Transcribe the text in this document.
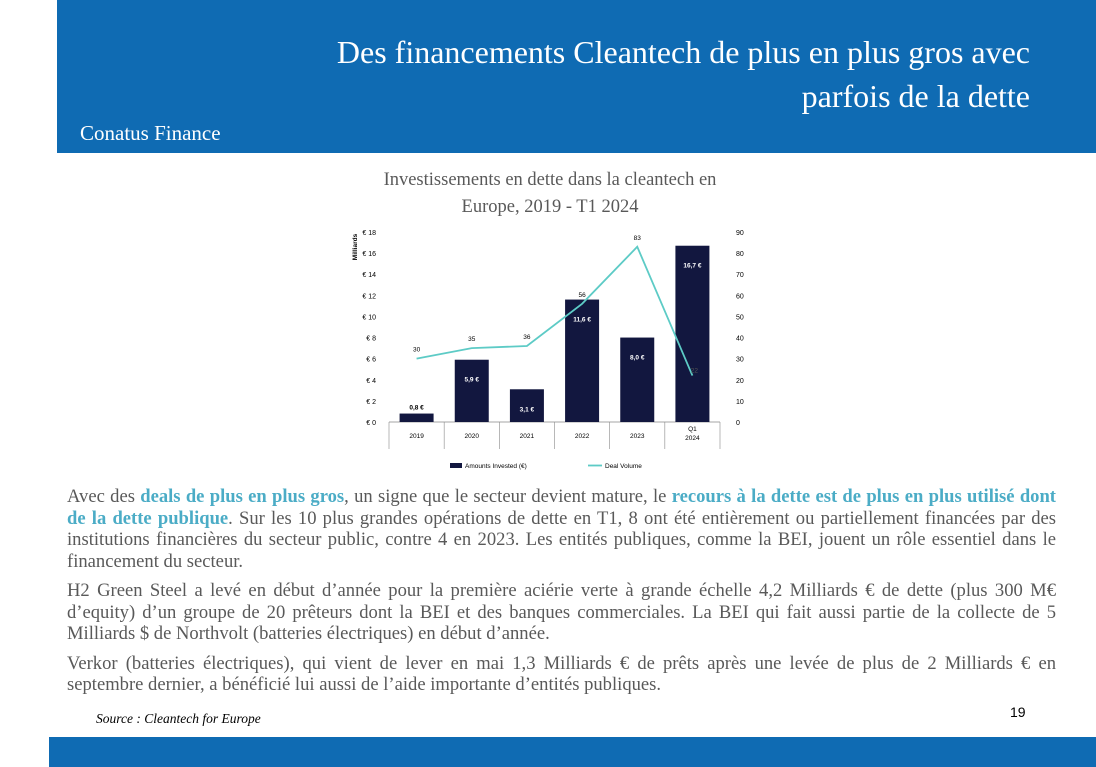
Des financements Cleantech de plus en plus gros avec
parfois de la dette
Conatus Finance
Investissements en dette dans la cleantech en
Europe, 2019 - T1 2024
€ 0
€ 2
€ 4
€ 6
€ 8
€ 10
€ 12
€ 14
€ 16
€ 18
0
10
20
30
40
50
60
70
80
90
Milliards
0,8 €
5,9 €
3,1 €
11,6 €
8,0 €
16,7 €
2019	2020	2021	2022	2023
Q1
2024
30
35	36
56
83
22
Amounts Invested (€)	Deal Volume

Avec des deals de plus en plus gros, un signe que le secteur devient mature, le recours à la dette est de plus en plus utilisé dont de la dette publique. Sur les 10 plus grandes opérations de dette en T1, 8 ont été entièrement ou partiellement financées par des institutions financières du secteur public, contre 4 en 2023. Les entités publiques, comme la BEI, jouent un rôle essentiel dans le financement du secteur.

H2 Green Steel a levé en début d’année pour la première aciérie verte à grande échelle 4,2 Milliards € de dette (plus 300 M€ d’equity) d’un groupe de 20 prêteurs dont la BEI et des banques commerciales. La BEI qui fait aussi partie de la collecte de 5 Milliards $ de Northvolt (batteries électriques) en début d’année.

Verkor (batteries électriques), qui vient de lever en mai 1,3 Milliards € de prêts après une levée de plus de 2 Milliards € en septembre dernier, a bénéficié lui aussi de l’aide importante d’entités publiques.

Source : Cleantech for Europe	19
